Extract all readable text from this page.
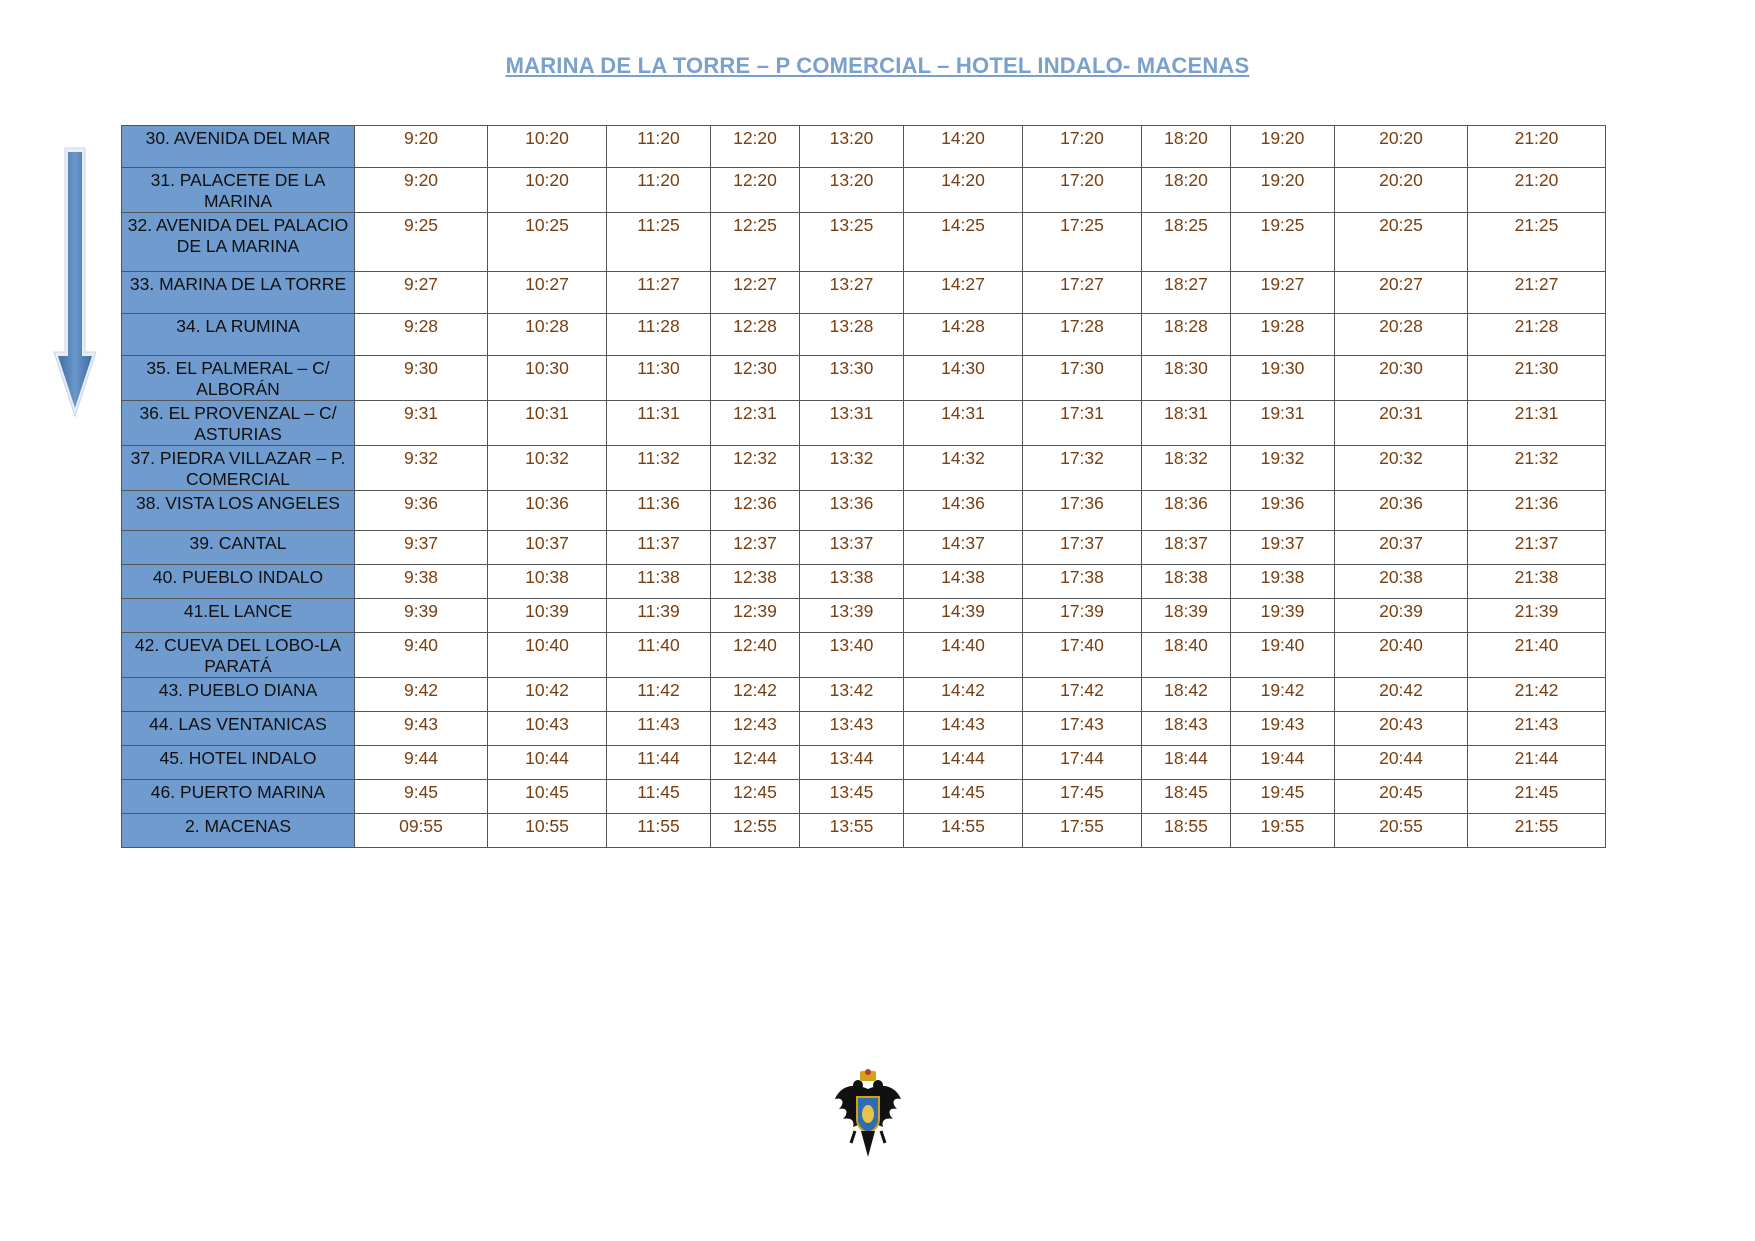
MARINA DE LA TORRE – P COMERCIAL – HOTEL INDALO- MACENAS
30. AVENIDA DEL MAR	9:20	10:20	11:20	12:20	13:20	14:20	17:20	18:20	19:20	20:20	21:20
31. PALACETE DE LA MARINA	9:20	10:20	11:20	12:20	13:20	14:20	17:20	18:20	19:20	20:20	21:20
32. AVENIDA DEL PALACIO DE LA MARINA	9:25	10:25	11:25	12:25	13:25	14:25	17:25	18:25	19:25	20:25	21:25
33. MARINA DE LA TORRE	9:27	10:27	11:27	12:27	13:27	14:27	17:27	18:27	19:27	20:27	21:27
34. LA RUMINA	9:28	10:28	11:28	12:28	13:28	14:28	17:28	18:28	19:28	20:28	21:28
35. EL PALMERAL – C/ ALBORÁN	9:30	10:30	11:30	12:30	13:30	14:30	17:30	18:30	19:30	20:30	21:30
36. EL PROVENZAL – C/ ASTURIAS	9:31	10:31	11:31	12:31	13:31	14:31	17:31	18:31	19:31	20:31	21:31
37. PIEDRA VILLAZAR – P. COMERCIAL	9:32	10:32	11:32	12:32	13:32	14:32	17:32	18:32	19:32	20:32	21:32
38. VISTA LOS ANGELES	9:36	10:36	11:36	12:36	13:36	14:36	17:36	18:36	19:36	20:36	21:36
39. CANTAL	9:37	10:37	11:37	12:37	13:37	14:37	17:37	18:37	19:37	20:37	21:37
40. PUEBLO INDALO	9:38	10:38	11:38	12:38	13:38	14:38	17:38	18:38	19:38	20:38	21:38
41.EL LANCE	9:39	10:39	11:39	12:39	13:39	14:39	17:39	18:39	19:39	20:39	21:39
42. CUEVA DEL LOBO-LA PARATÁ	9:40	10:40	11:40	12:40	13:40	14:40	17:40	18:40	19:40	20:40	21:40
43. PUEBLO DIANA	9:42	10:42	11:42	12:42	13:42	14:42	17:42	18:42	19:42	20:42	21:42
44. LAS VENTANICAS	9:43	10:43	11:43	12:43	13:43	14:43	17:43	18:43	19:43	20:43	21:43
45. HOTEL INDALO	9:44	10:44	11:44	12:44	13:44	14:44	17:44	18:44	19:44	20:44	21:44
46. PUERTO MARINA	9:45	10:45	11:45	12:45	13:45	14:45	17:45	18:45	19:45	20:45	21:45
2. MACENAS	09:55	10:55	11:55	12:55	13:55	14:55	17:55	18:55	19:55	20:55	21:55
